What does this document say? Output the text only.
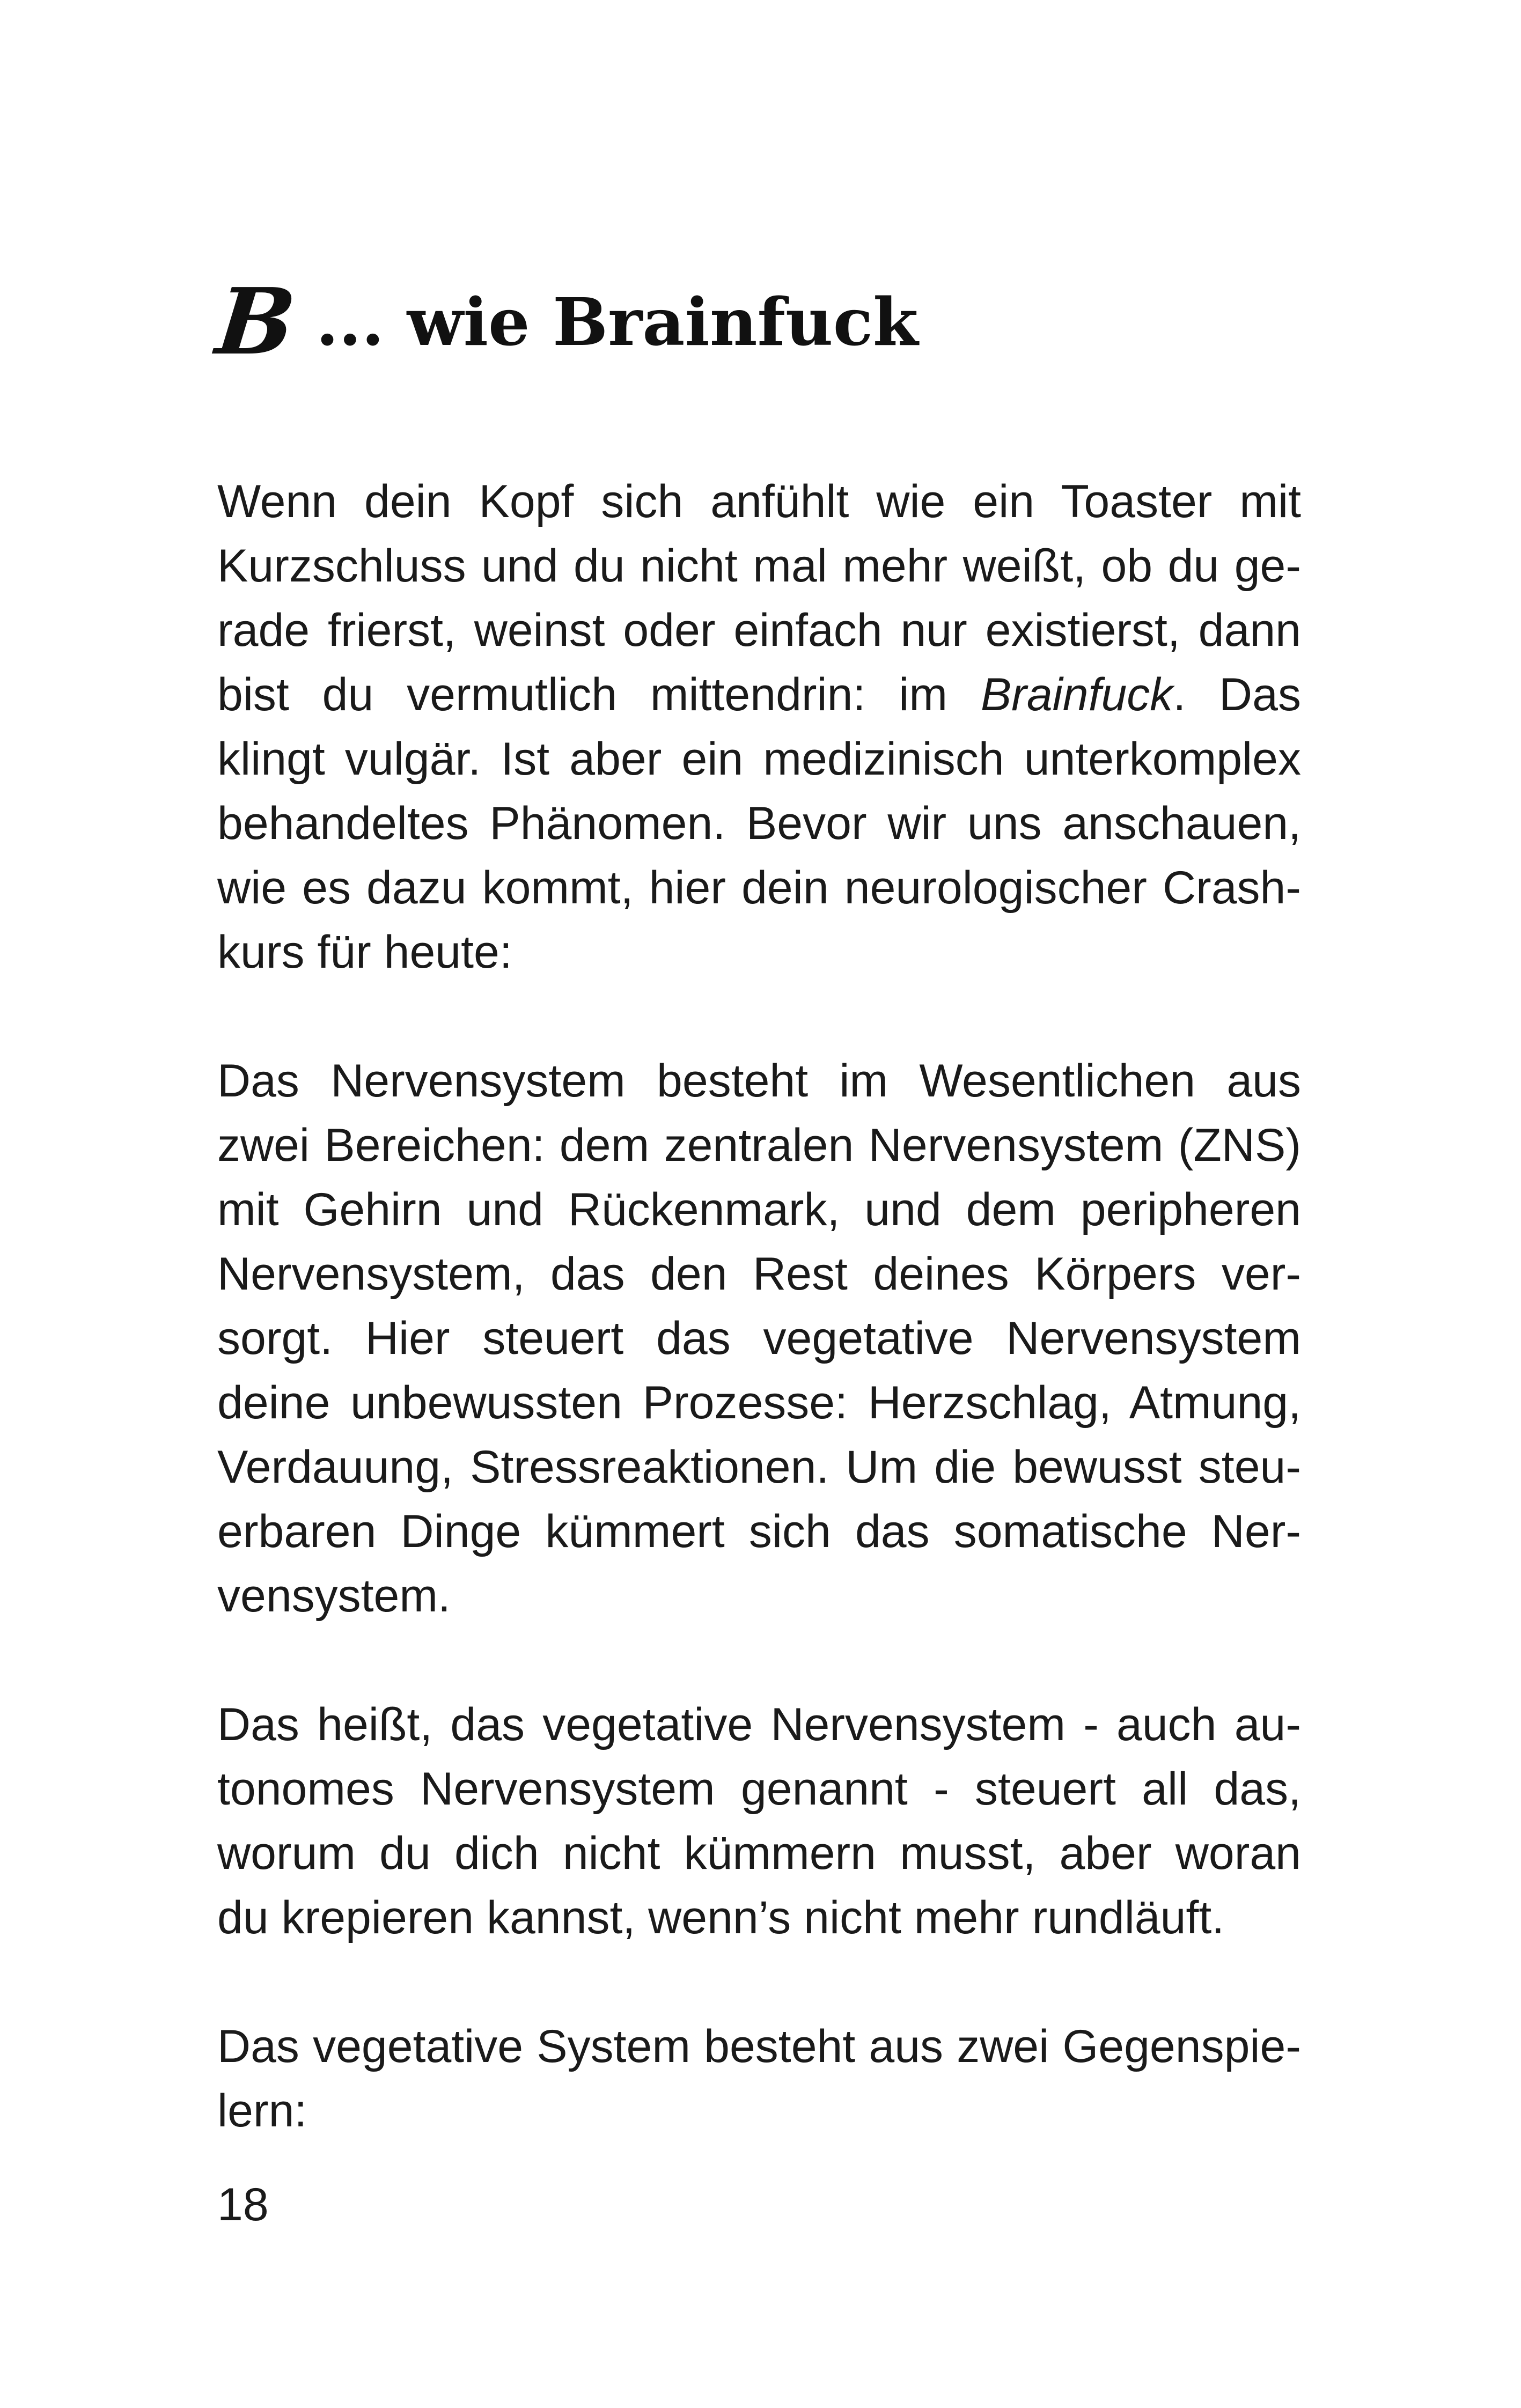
B ... wie Brainfuck
Wenn dein Kopf sich anfühlt wie ein Toaster mit
Kurzschluss und du nicht mal mehr weißt, ob du ge-
rade frierst, weinst oder einfach nur existierst, dann
bist du vermutlich mittendrin: im Brainfuck. Das
klingt vulgär. Ist aber ein medizinisch unterkomplex
behandeltes Phänomen. Bevor wir uns anschauen,
wie es dazu kommt, hier dein neurologischer Crash-
kurs für heute:
Das Nervensystem besteht im Wesentlichen aus
zwei Bereichen: dem zentralen Nervensystem (ZNS)
mit Gehirn und Rückenmark, und dem peripheren
Nervensystem, das den Rest deines Körpers ver-
sorgt. Hier steuert das vegetative Nervensystem
deine unbewussten Prozesse: Herzschlag, Atmung,
Verdauung, Stressreaktionen. Um die bewusst steu-
erbaren Dinge kümmert sich das somatische Ner-
vensystem.
Das heißt, das vegetative Nervensystem - auch au-
tonomes Nervensystem genannt - steuert all das,
worum du dich nicht kümmern musst, aber woran
du krepieren kannst, wenn’s nicht mehr rundläuft.
Das vegetative System besteht aus zwei Gegenspie-
lern:
18
